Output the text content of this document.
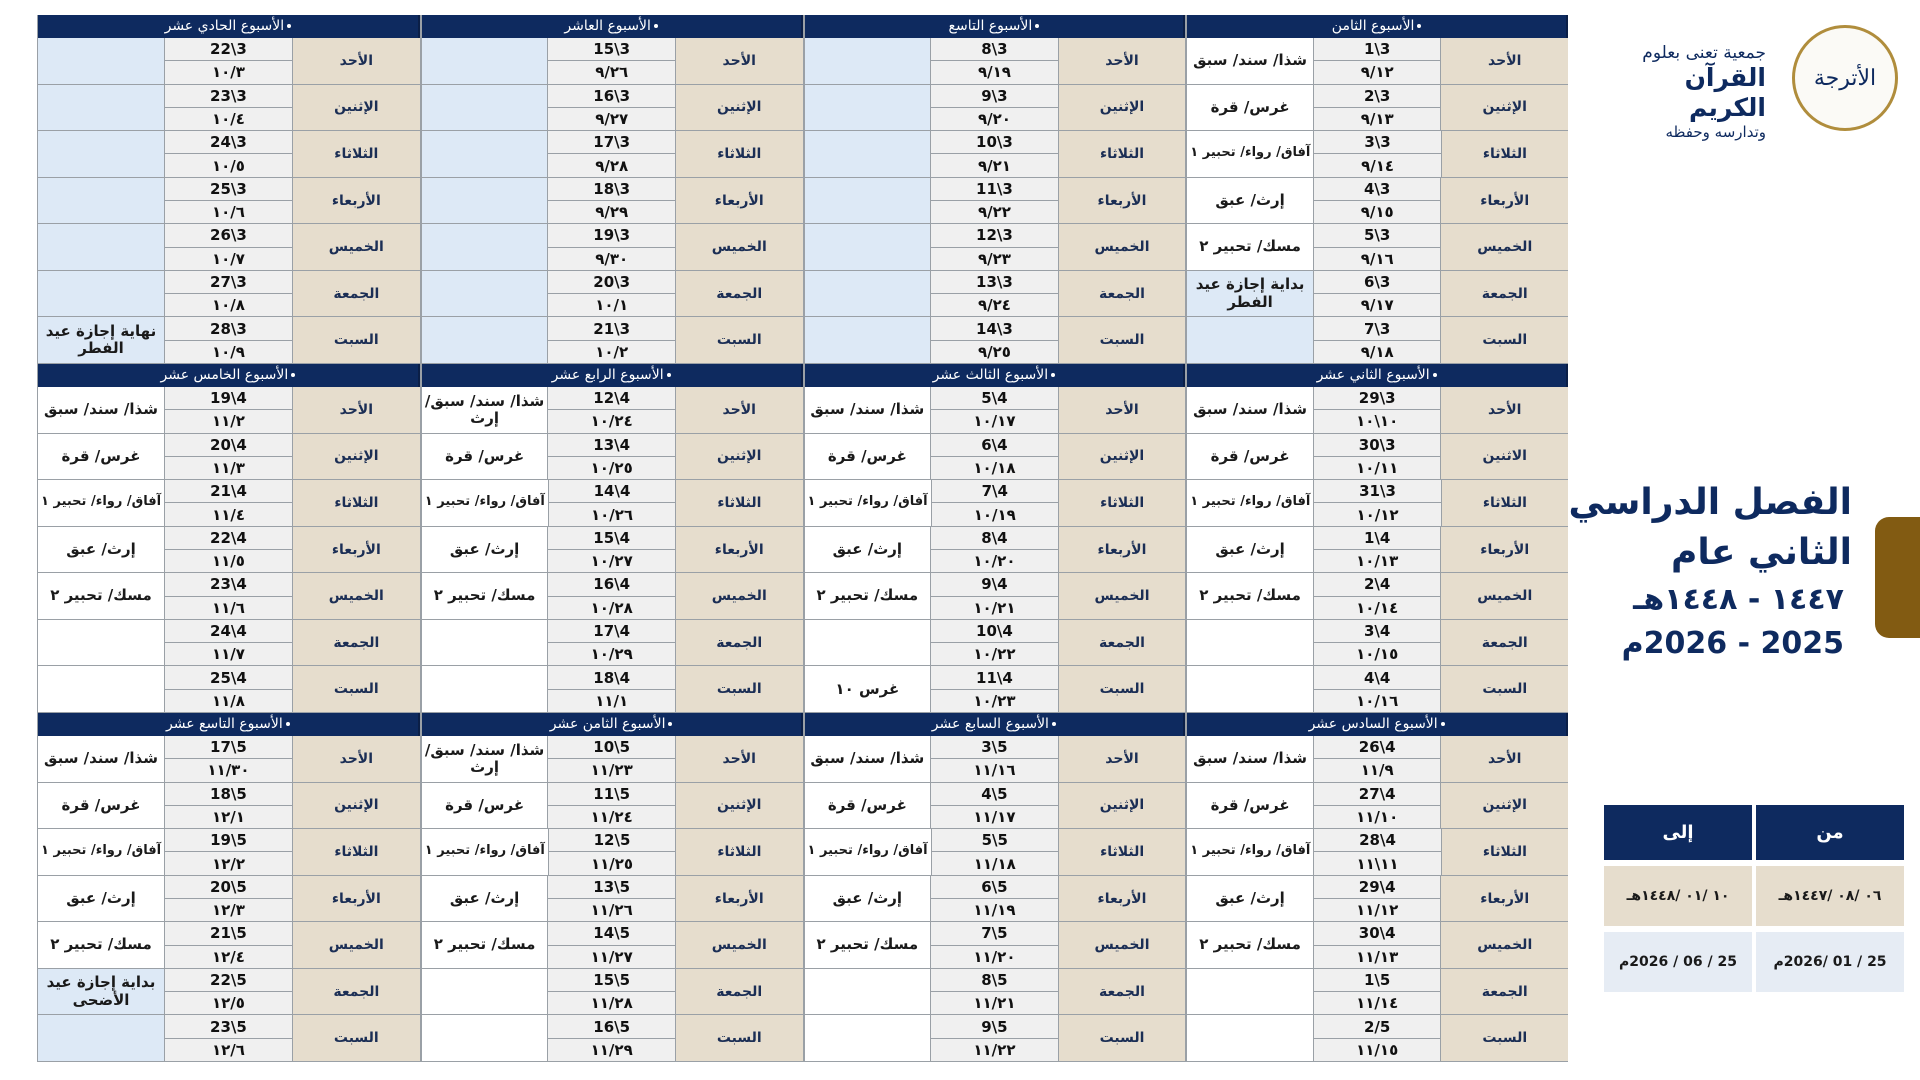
الأسبوع الثامن
الأحد
1\3
٩/١٢
شذا/ سند/ سبق
الإثنين
2\3
٩/١٣
غرس/ قرة
الثلاثاء
3\3
٩/١٤
آفاق/ رواء/ تحبير ١
الأربعاء
4\3
٩/١٥
إرث/ عبق
الخميس
5\3
٩/١٦
مسك/ تحبير ٢
الجمعة
6\3
٩/١٧
بداية إجازة عيد الفطر
السبت
7\3
٩/١٨
الأسبوع التاسع
الأحد
8\3
٩/١٩
الإثنين
9\3
٩/٢٠
الثلاثاء
10\3
٩/٢١
الأربعاء
11\3
٩/٢٢
الخميس
12\3
٩/٢٣
الجمعة
13\3
٩/٢٤
السبت
14\3
٩/٢٥
الأسبوع العاشر
الأحد
15\3
٩/٢٦
الإثنين
16\3
٩/٢٧
الثلاثاء
17\3
٩/٢٨
الأربعاء
18\3
٩/٢٩
الخميس
19\3
٩/٣٠
الجمعة
20\3
١٠/١
السبت
21\3
١٠/٢
الأسبوع الحادي عشر
الأحد
22\3
١٠/٣
الإثنين
23\3
١٠/٤
الثلاثاء
24\3
١٠/٥
الأربعاء
25\3
١٠/٦
الخميس
26\3
١٠/٧
الجمعة
27\3
١٠/٨
السبت
28\3
١٠/٩
نهاية إجازة عيد الفطر
الأسبوع الثاني عشر
الأحد
29\3
١٠\١٠
شذا/ سند/ سبق
الاثنين
30\3
١٠/١١
غرس/ قرة
الثلاثاء
31\3
١٠/١٢
آفاق/ رواء/ تحبير ١
الأربعاء
1\4
١٠/١٣
إرث/ عبق
الخميس
2\4
١٠/١٤
مسك/ تحبير ٢
الجمعة
3\4
١٠/١٥
السبت
4\4
١٠/١٦
الأسبوع الثالث عشر
الأحد
5\4
١٠/١٧
شذا/ سند/ سبق
الإثنين
6\4
١٠/١٨
غرس/ قرة
الثلاثاء
7\4
١٠/١٩
آفاق/ رواء/ تحبير ١
الأربعاء
8\4
١٠/٢٠
إرث/ عبق
الخميس
9\4
١٠/٢١
مسك/ تحبير ٢
الجمعة
10\4
١٠/٢٢
السبت
11\4
١٠/٢٣
غرس ١٠
الأسبوع الرابع عشر
الأحد
12\4
١٠/٢٤
شذا/ سند/ سبق/ إرث
الإثنين
13\4
١٠/٢٥
غرس/ قرة
الثلاثاء
14\4
١٠/٢٦
آفاق/ رواء/ تحبير ١
الأربعاء
15\4
١٠/٢٧
إرث/ عبق
الخميس
16\4
١٠/٢٨
مسك/ تحبير ٢
الجمعة
17\4
١٠/٢٩
السبت
18\4
١١/١
الأسبوع الخامس عشر
الأحد
19\4
١١/٢
شذا/ سند/ سبق
الإثنين
20\4
١١/٣
غرس/ قرة
الثلاثاء
21\4
١١/٤
آفاق/ رواء/ تحبير ١
الأربعاء
22\4
١١/٥
إرث/ عبق
الخميس
23\4
١١/٦
مسك/ تحبير ٢
الجمعة
24\4
١١/٧
السبت
25\4
١١/٨
الأسبوع السادس عشر
الأحد
26\4
١١/٩
شذا/ سند/ سبق
الإثنين
27\4
١١/١٠
غرس/ قرة
الثلاثاء
28\4
١١\١١
آفاق/ رواء/ تحبير ١
الأربعاء
29\4
١١/١٢
إرث/ عبق
الخميس
30\4
١١/١٣
مسك/ تحبير ٢
الجمعة
1\5
١١/١٤
السبت
2/5
١١/١٥
الأسبوع السابع عشر
الأحد
3\5
١١/١٦
شذا/ سند/ سبق
الإثنين
4\5
١١/١٧
غرس/ قرة
الثلاثاء
5\5
١١/١٨
آفاق/ رواء/ تحبير ١
الأربعاء
6\5
١١/١٩
إرث/ عبق
الخميس
7\5
١١/٢٠
مسك/ تحبير ٢
الجمعة
8\5
١١/٢١
السبت
9\5
١١/٢٢
الأسبوع الثامن عشر
الأحد
10\5
١١/٢٣
شذا/ سند/ سبق/ إرث
الإثنين
11\5
١١/٢٤
غرس/ قرة
الثلاثاء
12\5
١١/٢٥
آفاق/ رواء/ تحبير ١
الأربعاء
13\5
١١/٢٦
إرث/ عبق
الخميس
14\5
١١/٢٧
مسك/ تحبير ٢
الجمعة
15\5
١١/٢٨
السبت
16\5
١١/٢٩
الأسبوع التاسع عشر
الأحد
17\5
١١/٣٠
شذا/ سند/ سبق
الإثنين
18\5
١٢/١
غرس/ قرة
الثلاثاء
19\5
١٢/٢
آفاق/ رواء/ تحبير ١
الأربعاء
20\5
١٢/٣
إرث/ عبق
الخميس
21\5
١٢/٤
مسك/ تحبير ٢
الجمعة
22\5
١٢/٥
بداية إجازة عيد الأضحى
السبت
23\5
١٢/٦
جمعية تعنى بعلوم
القرآن الكريم
وتدارسه وحفظه
الأترجة
الفصل الدراسي
الثاني عام
١٤٤٧ - ١٤٤٨هـ
2025 - 2026م
من
إلى
٠٦ /٠٨ /١٤٤٧هـ
١٠ /٠١ /١٤٤٨هـ
25 / 01 /2026م
25 / 06 / 2026م
